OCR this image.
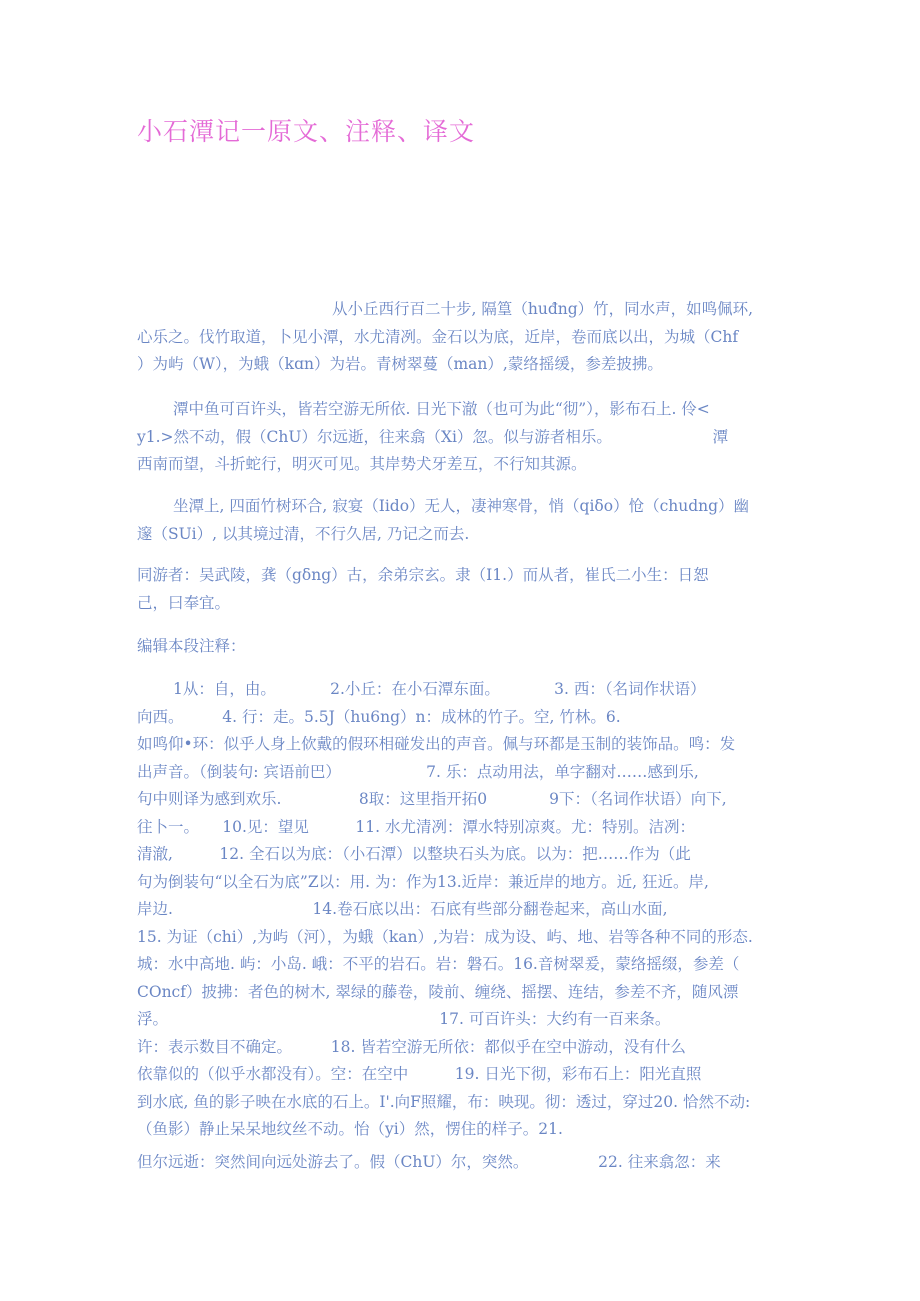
小石潭记一原文、注释、译文
从小丘西行百二十步, 隔篁（huđng）竹，同水声，如鸣佩环,
心乐之。伐竹取道，卜见小潭，水尤清冽。金石以为底，近岸，卷而底以出，为城（Chf
）为屿（W），为蛾（kɑn）为岩。青树翠蔓（man）,蒙络摇缓，参差披拂。
潭中鱼可百许头，皆若空游无所依. 日光下澈（也可为此“彻”），影布石上. 伶<
y1.>然不动，假（ChU）尔远逝，往来翕（Xi）忽。似与游者相乐。　　　　　　　潭
西南而望，斗折蛇行，明灭可见。其岸势犬牙差互，不行知其源。
坐潭上, 四面竹树环合, 寂宴（Iido）无人，凄神寒骨，悄（qiδo）怆（chudng）幽
邃（SUi）, 以其境过清，不行久居, 乃记之而去.
同游者：吴武陵，龚（gδng）古，余弟宗玄。隶（I1.）而从者，崔氏二小生：日恕
己，曰奉宜。
编辑本段注释：
1从：自，由。　　　　2.小丘：在小石潭东面。　　　　3. 西：（名词作状语）
向西。　　　4. 行：走。5.5J（hu6ng）n：成林的竹子。空, 竹林。6.
如鸣仰•环：似乎人身上佽戴的假环相碰发出的声音。佩与环都是玉制的装饰品。鸣：发
出声音。（倒装句: 宾语前巴）　　　　　　7. 乐：点动用法，单字翻对……感到乐,
句中则译为感到欢乐.　　　　　8取：这里指开拓0　　　　9下：（名词作状语）向下,
往卜一。　　10.见：望见　　　11. 水尤清冽：潭水特别凉爽。尤：特别。洁冽：
清澈,　　　12. 全石以为底：（小石潭）以整块石头为底。以为：把……作为（此
句为倒装句“以全石为底”Z以：用. 为：作为13.近岸：兼近岸的地方。近, 狂近。岸,
岸边.　　　　　　　　　14.卷石底以出：石底有些部分翻卷起来，高山水面,
15. 为证（chi）,为屿（河），为蛾（kan）,为岩：成为设、屿、地、岩等各种不同的形态.
城：水中高地. 屿：小岛. 峨：不平的岩石。岩：磐石。16.音树翠爰，蒙络摇缀，参差（
COncf）披拂：者色的树木, 翠绿的藤卷，陵前、缠绕、摇摆、连结，参差不齐，随风漂
浮。　　　　　　　　　　　　　　　　　　17. 可百许头：大约有一百来条。
许：表示数目不确定。　　　18. 皆若空游无所依：都似乎在空中游动，没有什么
依靠似的（似乎水都没有）。空：在空中　　　19. 日光下彻，彩布石上：阳光直照
到水底, 鱼的影子映在水底的石上。I'.向F照耀，布：映现。彻：透过，穿过20. 恰然不动:
（鱼影）静止呆呆地纹丝不动。怡（yi）然，愣住的样子。21.
但尔远逝：突然间向远处游去了。假（ChU）尔，突然。　　　　　22. 往来翕忽：来
